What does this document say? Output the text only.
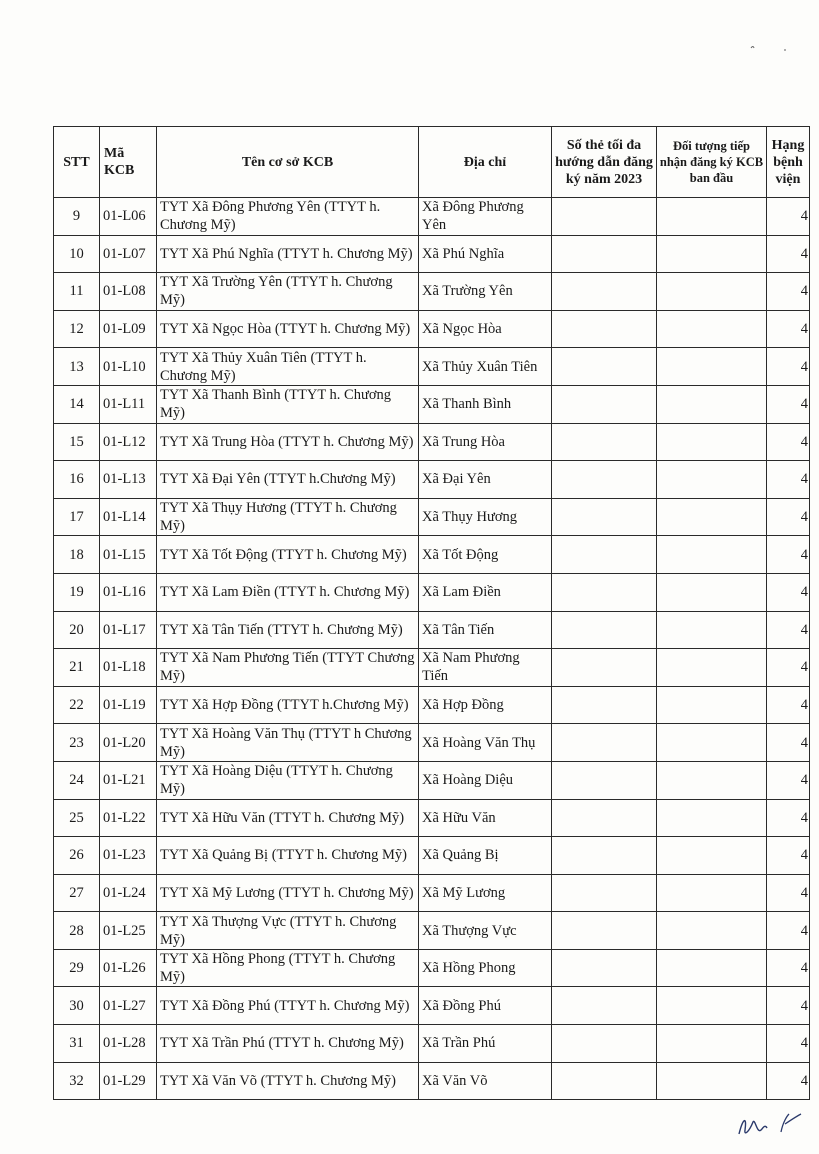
STT	Mã KCB	Tên cơ sở KCB	Địa chỉ	Số thẻ tối đa hướng dẫn đăng ký năm 2023	Đối tượng tiếp nhận đăng ký KCB ban đầu	Hạng bệnh viện
9	01-L06	TYT Xã Đông Phương Yên (TTYT h. Chương Mỹ)	Xã Đông Phương Yên			4
10	01-L07	TYT Xã Phú Nghĩa (TTYT h. Chương Mỹ)	Xã Phú Nghĩa			4
11	01-L08	TYT Xã Trường Yên (TTYT h. Chương Mỹ)	Xã Trường Yên			4
12	01-L09	TYT Xã Ngọc Hòa (TTYT h. Chương Mỹ)	Xã Ngọc Hòa			4
13	01-L10	TYT Xã Thủy Xuân Tiên (TTYT h. Chương Mỹ)	Xã Thủy Xuân Tiên			4
14	01-L11	TYT Xã Thanh Bình (TTYT h. Chương Mỹ)	Xã Thanh Bình			4
15	01-L12	TYT Xã Trung Hòa (TTYT h. Chương Mỹ)	Xã Trung Hòa			4
16	01-L13	TYT Xã Đại Yên (TTYT h.Chương Mỹ)	Xã Đại Yên			4
17	01-L14	TYT Xã Thụy Hương (TTYT h. Chương Mỹ)	Xã Thụy Hương			4
18	01-L15	TYT Xã Tốt Động (TTYT h. Chương Mỹ)	Xã Tốt Động			4
19	01-L16	TYT Xã Lam Điền (TTYT h. Chương Mỹ)	Xã Lam Điền			4
20	01-L17	TYT Xã Tân Tiến (TTYT h. Chương Mỹ)	Xã Tân Tiến			4
21	01-L18	TYT Xã Nam Phương Tiến (TTYT Chương Mỹ)	Xã Nam Phương Tiến			4
22	01-L19	TYT Xã Hợp Đồng (TTYT h.Chương Mỹ)	Xã Hợp Đồng			4
23	01-L20	TYT Xã Hoàng Văn Thụ (TTYT h Chương Mỹ)	Xã Hoàng Văn Thụ			4
24	01-L21	TYT Xã Hoàng Diệu (TTYT h. Chương Mỹ)	Xã Hoàng Diệu			4
25	01-L22	TYT Xã Hữu Văn (TTYT h. Chương Mỹ)	Xã Hữu Văn			4
26	01-L23	TYT Xã Quảng Bị (TTYT h. Chương Mỹ)	Xã Quảng Bị			4
27	01-L24	TYT Xã Mỹ Lương (TTYT h. Chương Mỹ)	Xã Mỹ Lương			4
28	01-L25	TYT Xã Thượng Vực (TTYT h. Chương Mỹ)	Xã Thượng Vực			4
29	01-L26	TYT Xã Hồng Phong (TTYT h. Chương Mỹ)	Xã Hồng Phong			4
30	01-L27	TYT Xã Đồng Phú (TTYT h. Chương Mỹ)	Xã Đồng Phú			4
31	01-L28	TYT Xã Trần Phú (TTYT h. Chương Mỹ)	Xã Trần Phú			4
32	01-L29	TYT Xã Văn Võ (TTYT h. Chương Mỹ)	Xã Văn Võ			4
